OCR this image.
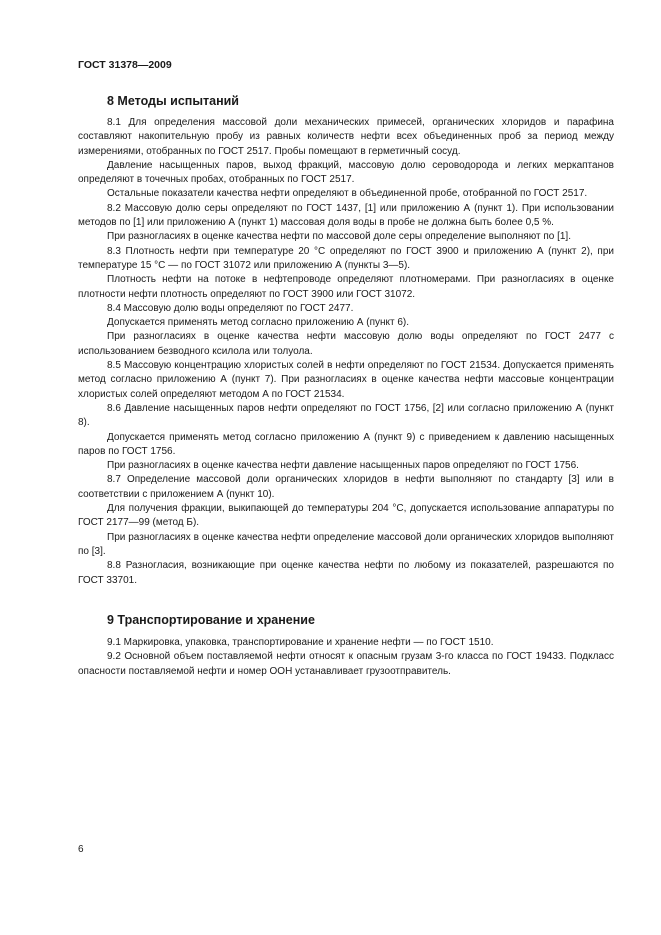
ГОСТ 31378—2009
8 Методы испытаний

8.1 Для определения массовой доли механических примесей, органических хлоридов и парафина составляют накопительную пробу из равных количеств нефти всех объединенных проб за период между измерениями, отобранных по ГОСТ 2517. Пробы помещают в герметичный сосуд.

Давление насыщенных паров, выход фракций, массовую долю сероводорода и легких меркаптанов определяют в точечных пробах, отобранных по ГОСТ 2517.

Остальные показатели качества нефти определяют в объединенной пробе, отобранной по ГОСТ 2517.

8.2 Массовую долю серы определяют по ГОСТ 1437, [1] или приложению А (пункт 1). При использовании методов по [1] или приложению А (пункт 1) массовая доля воды в пробе не должна быть более 0,5 %.

При разногласиях в оценке качества нефти по массовой доле серы определение выполняют по [1].

8.3 Плотность нефти при температуре 20 °С определяют по ГОСТ 3900 и приложению А (пункт 2), при температуре 15 °С — по ГОСТ 31072 или приложению А (пункты 3—5).

Плотность нефти на потоке в нефтепроводе определяют плотномерами. При разногласиях в оценке плотности нефти плотность определяют по ГОСТ 3900 или ГОСТ 31072.

8.4 Массовую долю воды определяют по ГОСТ 2477.

Допускается применять метод согласно приложению А (пункт 6).

При разногласиях в оценке качества нефти массовую долю воды определяют по ГОСТ 2477 с использованием безводного ксилола или толуола.

8.5 Массовую концентрацию хлористых солей в нефти определяют по ГОСТ 21534. Допускается применять метод согласно приложению А (пункт 7). При разногласиях в оценке качества нефти массовые концентрации хлористых солей определяют методом А по ГОСТ 21534.

8.6 Давление насыщенных паров нефти определяют по ГОСТ 1756, [2] или согласно приложению А (пункт 8).

Допускается применять метод согласно приложению А (пункт 9) с приведением к давлению насыщенных паров по ГОСТ 1756.

При разногласиях в оценке качества нефти давление насыщенных паров определяют по ГОСТ 1756.

8.7 Определение массовой доли органических хлоридов в нефти выполняют по стандарту [3] или в соответствии с приложением А (пункт 10).

Для получения фракции, выкипающей до температуры 204 °С, допускается использование аппаратуры по ГОСТ 2177—99 (метод Б).

При разногласиях в оценке качества нефти определение массовой доли органических хлоридов выполняют по [3].

8.8 Разногласия, возникающие при оценке качества нефти по любому из показателей, разрешаются по ГОСТ 33701.

9 Транспортирование и хранение

9.1 Маркировка, упаковка, транспортирование и хранение нефти — по ГОСТ 1510.

9.2 Основной объем поставляемой нефти относят к опасным грузам 3-го класса по ГОСТ 19433. Подкласс опасности поставляемой нефти и номер ООН устанавливает грузоотправитель.

6
